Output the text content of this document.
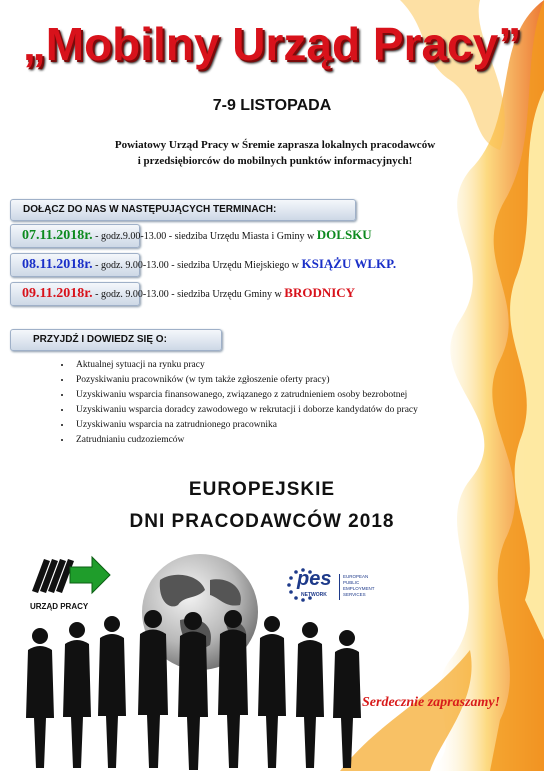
„Mobilny Urząd Pracy”
7-9 LISTOPADA
Powiatowy Urząd Pracy w Śremie zaprasza lokalnych pracodawców
i przedsiębiorców do mobilnych punktów informacyjnych!
DOŁĄCZ DO NAS W NASTĘPUJĄCYCH TERMINACH:
07.11.2018r. - godz.9.00-13.00 - siedziba Urzędu Miasta i Gminy w DOLSKU
08.11.2018r. - godz. 9.00-13.00 - siedziba Urzędu Miejskiego w KSIĄŻU WLKP.
09.11.2018r. - godz. 9.00-13.00 - siedziba Urzędu Gminy w BRODNICY
PRZYJDŹ I DOWIEDZ SIĘ O:
• Aktualnej sytuacji na rynku pracy
• Pozyskiwaniu pracowników (w tym także zgłoszenie oferty pracy)
• Uzyskiwaniu wsparcia finansowanego, związanego z zatrudnieniem osoby bezrobotnej
• Uzyskiwaniu wsparcia doradcy zawodowego w rekrutacji i doborze kandydatów do pracy
• Uzyskiwaniu wsparcia na zatrudnionego pracownika
• Zatrudnianiu cudzoziemców
EUROPEJSKIE
DNI PRACODAWCÓW 2018
URZĄD PRACY
pes
NETWORK
EUROPEAN
PUBLIC
EMPLOYMENT
SERVICES
Serdecznie zapraszamy!
